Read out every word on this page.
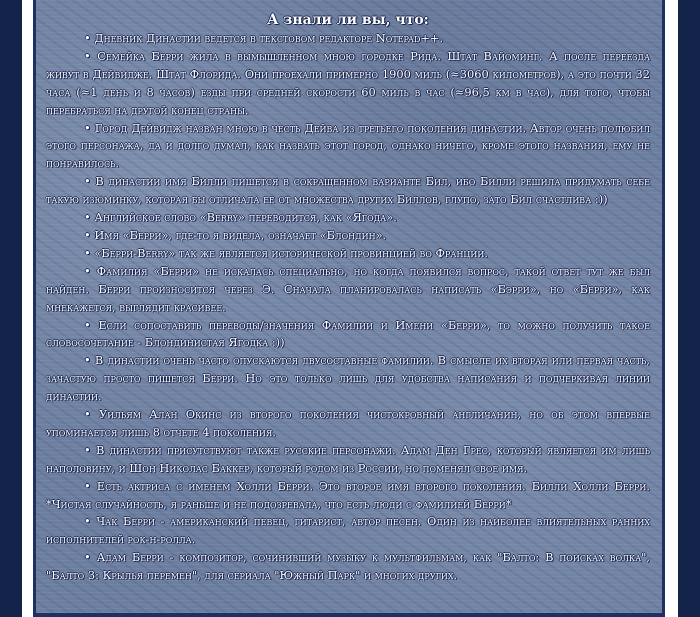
А знали ли вы, что:

• Дневник Династии ведется в текстовом редакторе Notepad++.

• Семейка Берри жила в вымышленном мною городке Рида. Штат Вайоминг. А после переезда живут в Дейвидже. Штат Флорида. Они проехали примерно 1900 миль (≈3060 километров), а это почти 32 часа (≈1 день и 8 часов) езды при средней скорости 60 миль в час (≈96,5 км в час), для того, чтобы перебраться на другой конец страны.

• Город Дейвидж назван мною в честь Дейва из третьего поколения династии. Автор очень полюбил этого персонажа, да и долго думал, как назвать этот город, однако ничего, кроме этого названия, ему не понравилось.

• В династии имя Билли пишется в сокращенном варианте Бил, ибо Билли решила придумать себе такую изюминку, которая бы отличала ее от множества других Биллов, глупо, зато Бил счастлива :))

• Английское слово «Berry» переводится, как «Ягода».

• Имя «Берри», где-то я видела, означает «Блондин».

• «Берри-Berry» так же является исторической провинцией во Франции.

• Фамилия «Берри» не искалась специально, но когда появился вопрос, такой ответ тут же был найден. Берри произносится через Э. Сначала планировалась написать «Бэрри», но «Берри», как мнекажется, выглядит красивее.

• Если сопоставить переводы/значения Фамилии и Имени «Берри», то можно получить такое словосочетание - Блондинистая Ягодка :))

• В династии очень часто опускаются двусоставные фамилии. В смысле их вторая или первая часть, зачастую просто пишется Берри. Но это только лишь для удобства написания и подчеркивая линии династии.

• Уильям Алан Окинс из второго поколения чистокровный англичанин, но об этом впервые упоминается лишь 8 отчете 4 поколения.

• В династии присутствуют также русские персонажи. Адам Ден Грес, который является им лишь наполовину, и Шон Николас Баккер, который родом из России, но поменял свое имя.

• Есть актриса с именем Холли Берри. Это второе имя второго поколения. Билли Холли Берри. *Чистая случайность, я раньше и не подозревала, что есть люди с фамилией Берри*

• Чак Берри - американский певец, гитарист, автор песен. Один из наиболее влиятельных ранних исполнителей рок-н-ролла.

• Адам Берри - композитор, сочинивший музыку к мультфильмам, как "Балто: В поисках волка", "Балто 3: Крылья перемен", для сериала "Южный Парк" и многих других.
